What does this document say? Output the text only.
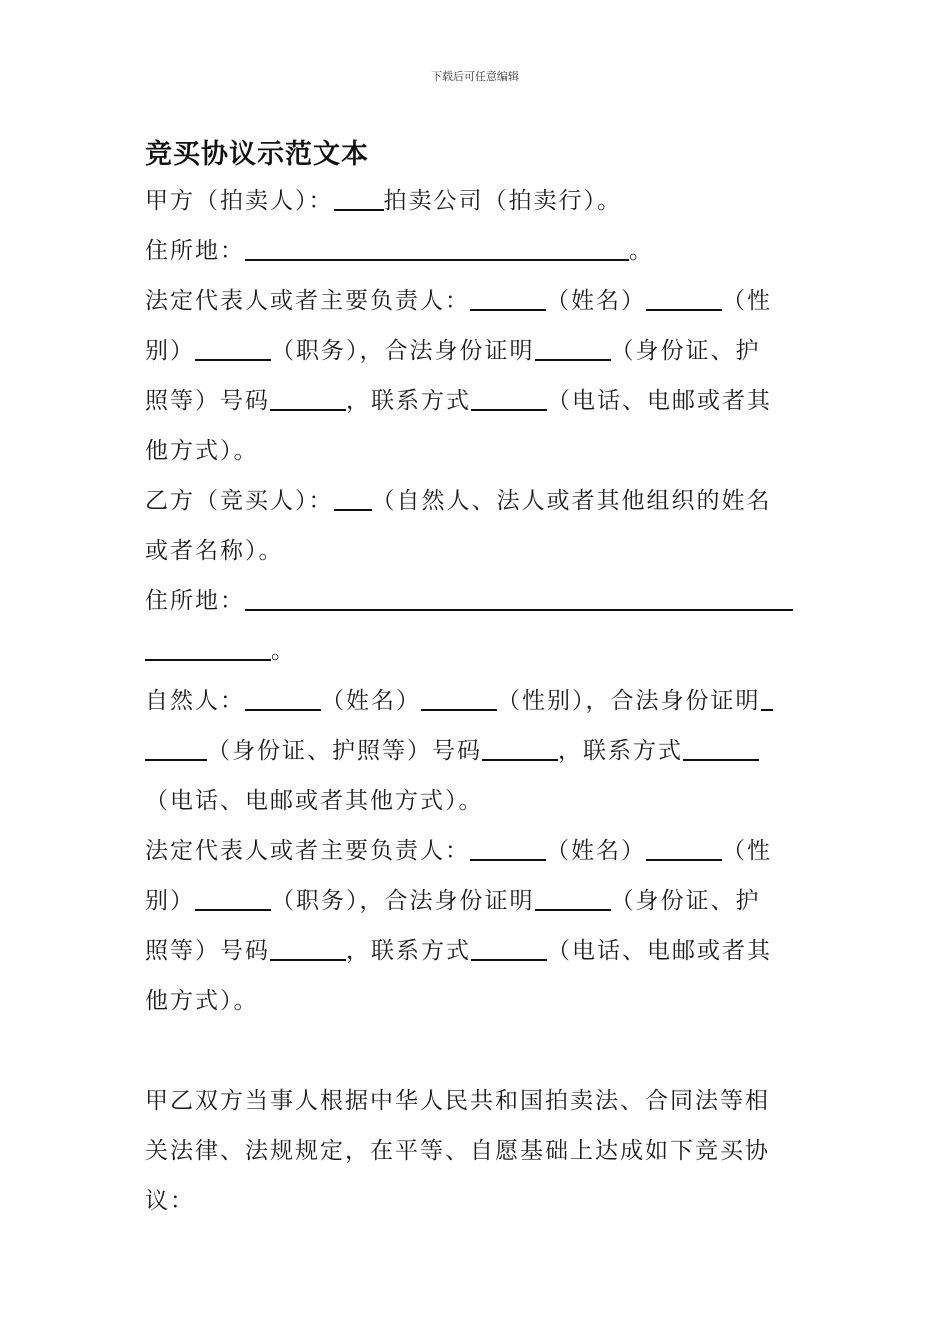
下载后可任意编辑
竞买协议示范文本
甲方（拍卖人）： 拍卖公司（拍卖行）。
住所地：	。
法定代表人或者主要负责人：	（姓名）	（性
别）	（职务），合法身份证明	（身份证、护
照等）号码	，联系方式	（电话、电邮或者其
他方式）。
乙方（竞买人）： （自然人、法人或者其他组织的姓名
或者名称）。
住所地：
。
自然人：	（姓名）	（性别），合法身份证明
（身份证、护照等）号码	，联系方式
（电话、电邮或者其他方式）。
法定代表人或者主要负责人：	（姓名）	（性
别）	（职务），合法身份证明	（身份证、护
照等）号码	，联系方式	（电话、电邮或者其
他方式）。
甲乙双方当事人根据中华人民共和国拍卖法、合同法等相
关法律、法规规定，在平等、自愿基础上达成如下竞买协
议：
